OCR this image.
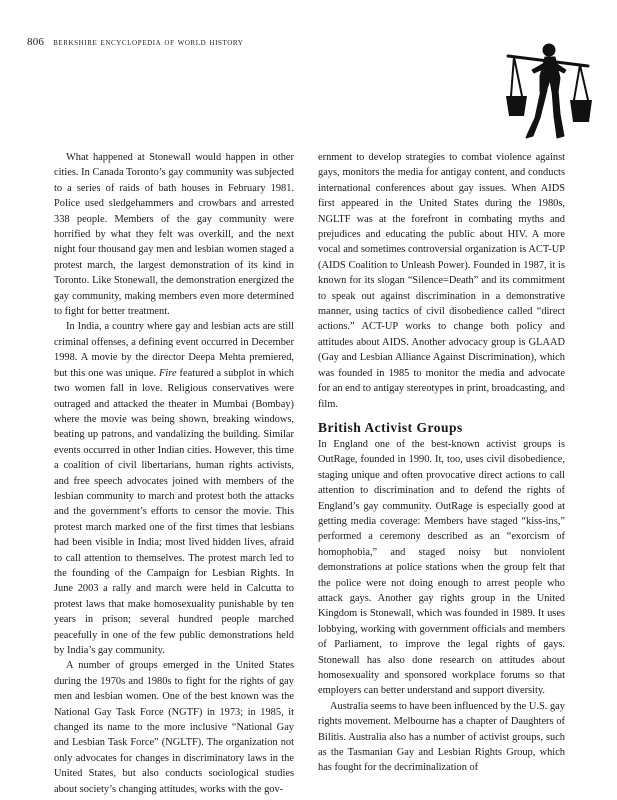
806 berkshire encyclopedia of world history

What happened at Stonewall would happen in other cities. In Canada Toronto’s gay community was subjected to a series of raids of bath houses in February 1981. Police used sledgehammers and crowbars and arrested 338 people. Members of the gay community were horrified by what they felt was overkill, and the next night four thousand gay men and lesbian women staged a protest march, the largest demonstration of its kind in Toronto. Like Stonewall, the demonstration energized the gay community, making members even more determined to fight for better treatment.

In India, a country where gay and lesbian acts are still criminal offenses, a defining event occurred in December 1998. A movie by the director Deepa Mehta premiered, but this one was unique. Fire featured a subplot in which two women fall in love. Religious conservatives were outraged and attacked the theater in Mumbai (Bombay) where the movie was being shown, breaking windows, beating up patrons, and vandalizing the building. Similar events occurred in other Indian cities. However, this time a coalition of civil libertarians, human rights activists, and free speech advocates joined with members of the lesbian community to march and protest both the attacks and the government’s efforts to censor the movie. This protest march marked one of the first times that lesbians had been visible in India; most lived hidden lives, afraid to call attention to themselves. The protest march led to the founding of the Campaign for Lesbian Rights. In June 2003 a rally and march were held in Calcutta to protest laws that make homosexuality punishable by ten years in prison; several hundred people marched peacefully in one of the few public demonstrations held by India’s gay community.

A number of groups emerged in the United States during the 1970s and 1980s to fight for the rights of gay men and lesbian women. One of the best known was the National Gay Task Force (NGTF) in 1973; in 1985, it changed its name to the more inclusive “National Gay and Lesbian Task Force” (NGLTF). The organization not only advocates for changes in discriminatory laws in the United States, but also conducts sociological studies about society’s changing attitudes, works with the gov-

ernment to develop strategies to combat violence against gays, monitors the media for antigay content, and conducts international conferences about gay issues. When AIDS first appeared in the United States during the 1980s, NGLTF was at the forefront in combating myths and prejudices and educating the public about HIV. A more vocal and sometimes controversial organization is ACT-UP (AIDS Coalition to Unleash Power). Founded in 1987, it is known for its slogan “Silence=Death” and its commitment to speak out against discrimination in a demonstrative manner, using tactics of civil disobedience called “direct actions.” ACT-UP works to change both policy and attitudes about AIDS. Another advocacy group is GLAAD (Gay and Lesbian Alliance Against Discrimination), which was founded in 1985 to monitor the media and advocate for an end to antigay stereotypes in print, broadcasting, and film.

British Activist Groups

In England one of the best-known activist groups is OutRage, founded in 1990. It, too, uses civil disobedience, staging unique and often provocative direct actions to call attention to discrimination and to defend the rights of England’s gay community. OutRage is especially good at getting media coverage: Members have staged “kiss-ins,” performed a ceremony described as an “exorcism of homophobia,” and staged noisy but nonviolent demonstrations at police stations when the group felt that the police were not doing enough to arrest people who attack gays. Another gay rights group in the United Kingdom is Stonewall, which was founded in 1989. It uses lobbying, working with government officials and members of Parliament, to improve the legal rights of gays. Stonewall has also done research on attitudes about homosexuality and sponsored workplace forums so that employers can better understand and support diversity.

Australia seems to have been influenced by the U.S. gay rights movement. Melbourne has a chapter of Daughters of Bilitis. Australia also has a number of activist groups, such as the Tasmanian Gay and Lesbian Rights Group, which has fought for the decriminalization of
